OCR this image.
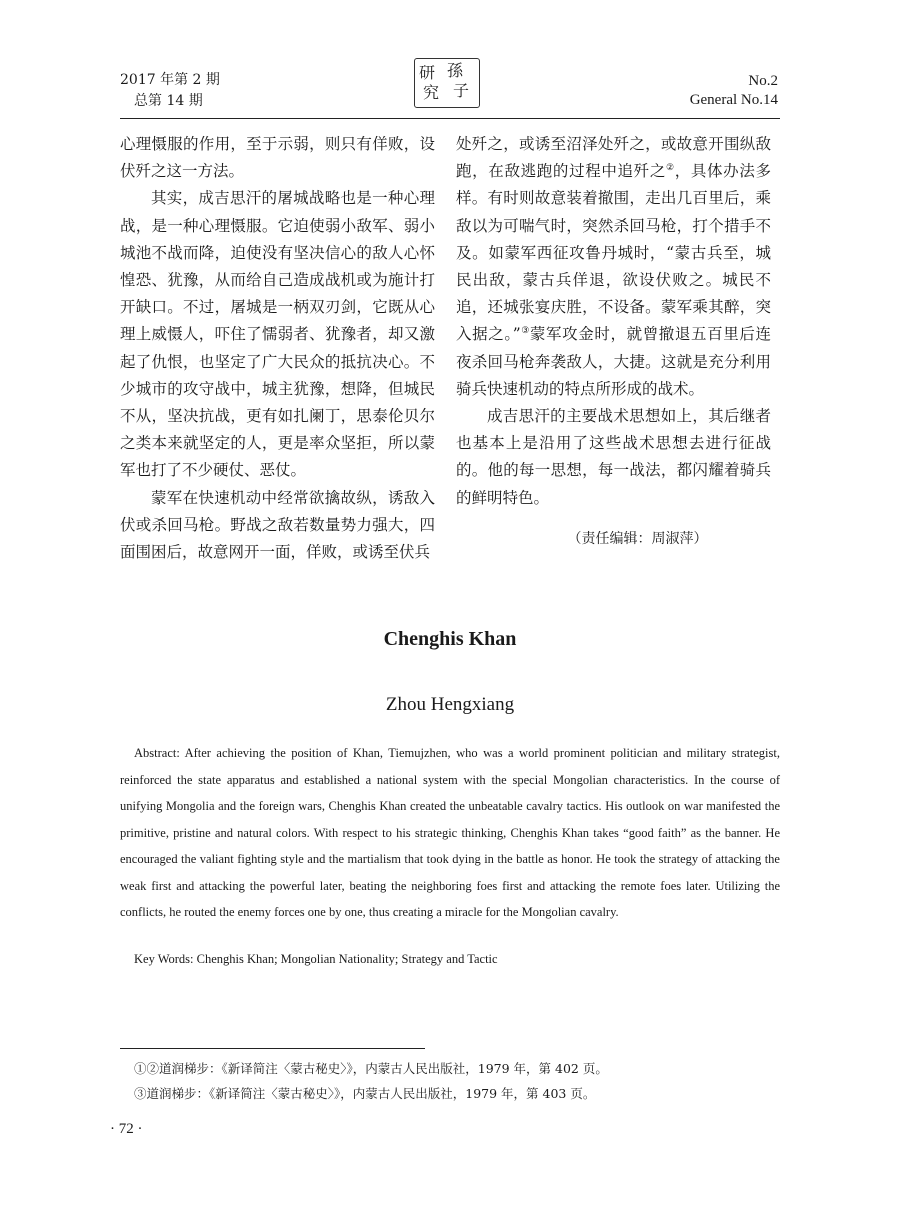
2017 年第 2 期
总第 14 期
研
究
孫
子	No.2
General No.14

心理慑服的作用，至于示弱，则只有佯败，设伏歼之这一方法。

其实，成吉思汗的屠城战略也是一种心理战，是一种心理慑服。它迫使弱小敌军、弱小城池不战而降，迫使没有坚决信心的敌人心怀惶恐、犹豫，从而给自己造成战机或为施计打开缺口。不过，屠城是一柄双刃剑，它既从心理上威慑人，吓住了懦弱者、犹豫者，却又激起了仇恨，也坚定了广大民众的抵抗决心。不少城市的攻守战中，城主犹豫，想降，但城民不从，坚决抗战，更有如扎阑丁，思泰伦贝尔之类本来就坚定的人，更是率众坚拒，所以蒙军也打了不少硬仗、恶仗。

蒙军在快速机动中经常欲擒故纵，诱敌入伏或杀回马枪。野战之敌若数量势力强大，四面围困后，故意网开一面，佯败，或诱至伏兵

处歼之，或诱至沼泽处歼之，或故意开围纵敌跑，在敌逃跑的过程中追歼之②，具体办法多样。有时则故意装着撤围，走出几百里后，乘敌以为可喘气时，突然杀回马枪，打个措手不及。如蒙军西征攻鲁丹城时，“蒙古兵至，城民出敌，蒙古兵佯退，欲设伏败之。城民不追，还城张宴庆胜，不设备。蒙军乘其醉，突入据之。”③蒙军攻金时，就曾撤退五百里后连夜杀回马枪奔袭敌人，大捷。这就是充分利用骑兵快速机动的特点所形成的战术。

成吉思汗的主要战术思想如上，其后继者也基本上是沿用了这些战术思想去进行征战的。他的每一思想，每一战法，都闪耀着骑兵的鲜明特色。

（责任编辑：周淑萍）

Chenghis Khan
Zhou Hengxiang

Abstract: After achieving the position of Khan, Tiemujzhen, who was a world prominent politician and military strategist, reinforced the state apparatus and established a national system with the special Mongolian characteristics. In the course of unifying Mongolia and the foreign wars, Chenghis Khan created the unbeatable cavalry tactics. His outlook on war manifested the primitive, pristine and natural colors. With respect to his strategic thinking, Chenghis Khan takes “good faith” as the banner. He encouraged the valiant fighting style and the martialism that took dying in the battle as honor. He took the strategy of attacking the weak first and attacking the powerful later, beating the neighboring foes first and attacking the remote foes later. Utilizing the conflicts, he routed the enemy forces one by one, thus creating a miracle for the Mongolian cavalry.

Key Words: Chenghis Khan; Mongolian Nationality; Strategy and Tactic
①②道润梯步：《新译简注〈蒙古秘史〉》，内蒙古人民出版社，1979 年，第 402 页。
③道润梯步：《新译简注〈蒙古秘史〉》，内蒙古人民出版社，1979 年，第 403 页。
· 72 ·
